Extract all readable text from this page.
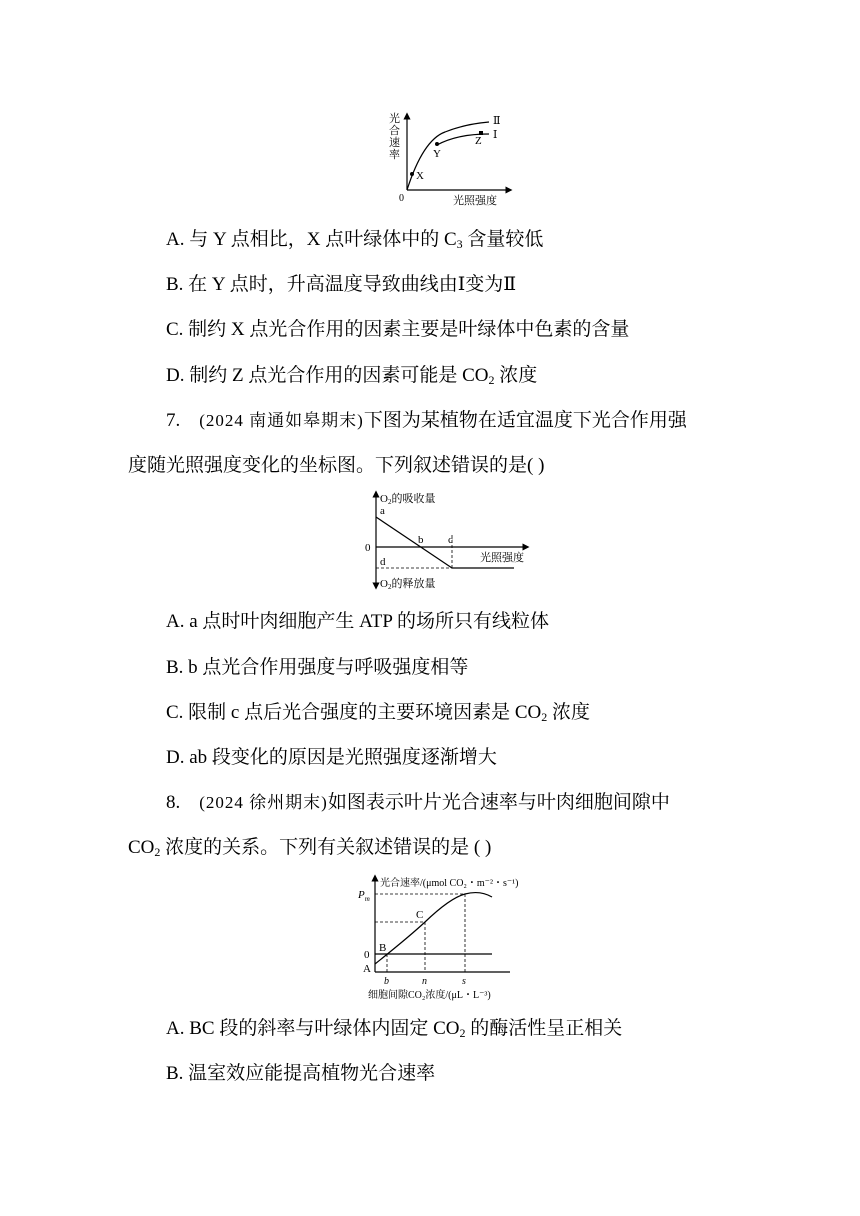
光
合
速
率
0	光照强度
Ⅱ
Ⅰ
X
Y
Z
A. 与 Y 点相比，X 点叶绿体中的 $C_3$ 含量较低
B. 在 Y 点时，升高温度导致曲线由Ⅰ变为Ⅱ
C. 制约 X 点光合作用的因素主要是叶绿体中色素的含量
D. 制约 Z 点光合作用的因素可能是 $CO_2$ 浓度
7. (2024 南通如皋期末)下图为某植物在适宜温度下光合作用强
度随光照强度变化的坐标图。下列叙述错误的是( )
O2的吸收量
O2的释放量
0
a
b c
d	光照强度
A. a 点时叶肉细胞产生 ATP 的场所只有线粒体
B. b 点光合作用强度与呼吸强度相等
C. 限制 c 点后光合强度的主要环境因素是 $CO_2$ 浓度
D. ab 段变化的原因是光照强度逐渐增大
8. (2024 徐州期末)如图表示叶片光合速率与叶肉细胞间隙中
$CO_2$ 浓度的关系。下列有关叙述错误的是 ( )
光合速率/(μmol CO₂・m⁻²・s⁻¹)
$P_m$
0
A
B
C
b	n	s
细胞间隙CO₂浓度/(μL・L⁻³)
A. BC 段的斜率与叶绿体内固定 $CO_2$ 的酶活性呈正相关
B. 温室效应能提高植物光合速率
